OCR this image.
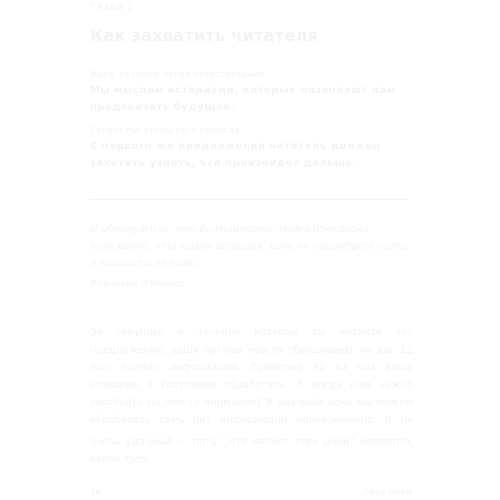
Глава 1
Как захватить читателя
Идея, которую несёт повествование
Мы мыслим историями, которые позволяют нам предсказать будущее.
Секрет писательского ремесла
С первого же предложения читатель должен захотеть узнать, что произойдёт дальше.
Я обнаружила, что большинство людей прекрасно понимают, что такое история, пока не попробуют сесть и написать ее сами.
Фланнери О'Коннор
За секунды, в течение которых вы читаете это предложение, ваши органы чувств обрушивают на вас 11 млн единиц информации. Примерно 40 из них ваше сознание в состоянии обработать. А когда нам нужно заострить на чем-то внимание? В удачный день мы можем обработать семь бит информации одновременно. В не очень удачный — пять$^{^1}$. Что насчет этих дней? Вероятно, около трех.
16	Лиза Крон
